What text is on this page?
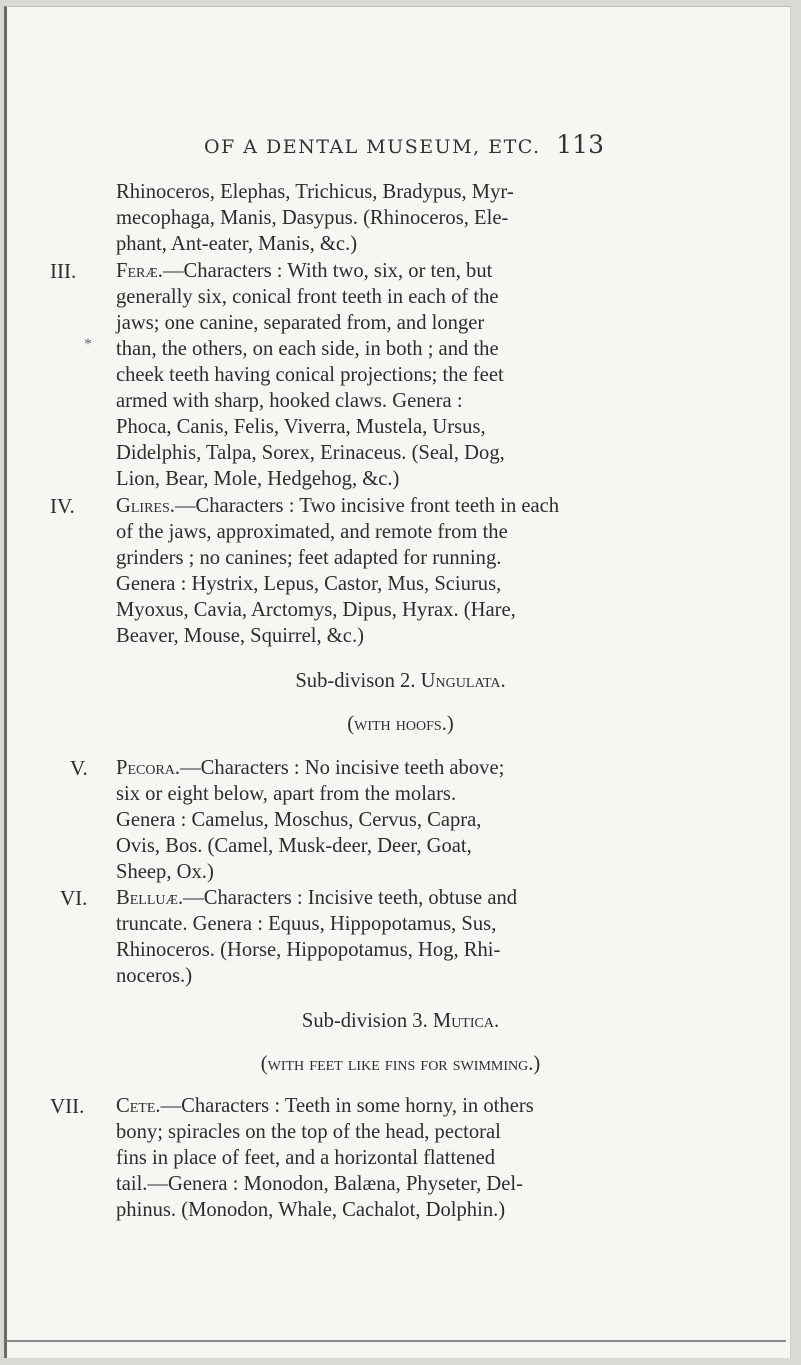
OF A DENTAL MUSEUM, ETC. 113
Rhinoceros, Elephas, Trichicus, Bradypus, Myr-
mecophaga, Manis, Dasypus. (Rhinoceros, Ele-
phant, Ant-eater, Manis, &c.)
III. Feræ.—Characters : With two, six, or ten, but
generally six, conical front teeth in each of the
jaws; one canine, separated from, and longer
* than, the others, on each side, in both ; and the
cheek teeth having conical projections; the feet
armed with sharp, hooked claws. Genera :
Phoca, Canis, Felis, Viverra, Mustela, Ursus,
Didelphis, Talpa, Sorex, Erinaceus. (Seal, Dog,
Lion, Bear, Mole, Hedgehog, &c.)
IV. Glires.—Characters : Two incisive front teeth in each
of the jaws, approximated, and remote from the
grinders ; no canines; feet adapted for running.
Genera : Hystrix, Lepus, Castor, Mus, Sciurus,
Myoxus, Cavia, Arctomys, Dipus, Hyrax. (Hare,
Beaver, Mouse, Squirrel, &c.)
Sub-divison 2. Ungulata.
(with hoofs.)
V. Pecora.—Characters : No incisive teeth above;
six or eight below, apart from the molars.
Genera : Camelus, Moschus, Cervus, Capra,
Ovis, Bos. (Camel, Musk-deer, Deer, Goat,
Sheep, Ox.)
VI. Belluæ.—Characters : Incisive teeth, obtuse and
truncate. Genera : Equus, Hippopotamus, Sus,
Rhinoceros. (Horse, Hippopotamus, Hog, Rhi-
noceros.)
Sub-division 3. Mutica.
(with feet like fins for swimming.)
VII. Cete.—Characters : Teeth in some horny, in others
bony; spiracles on the top of the head, pectoral
fins in place of feet, and a horizontal flattened
tail.—Genera : Monodon, Balæna, Physeter, Del-
phinus. (Monodon, Whale, Cachalot, Dolphin.)
